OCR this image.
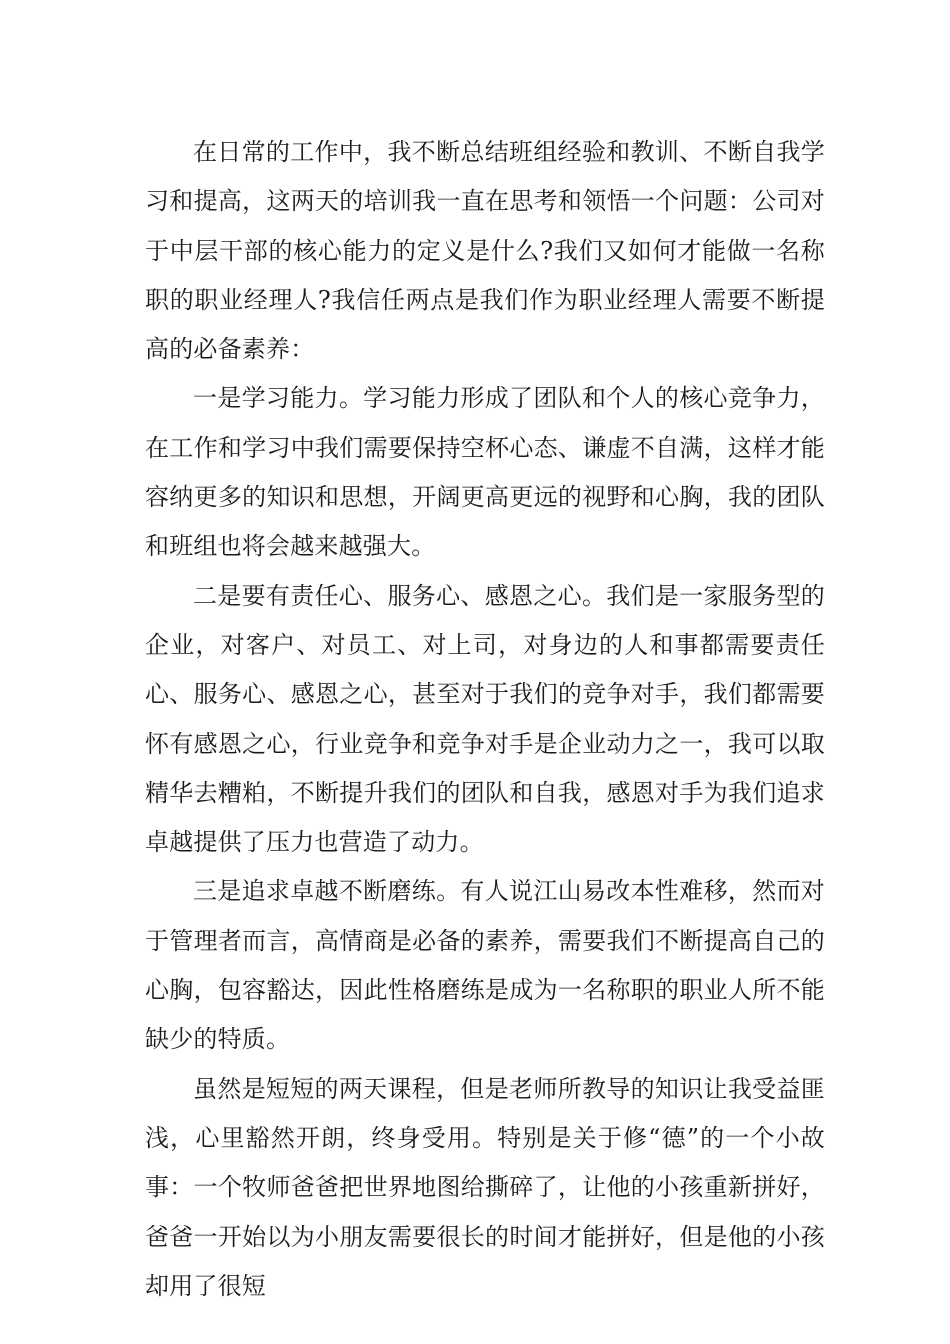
在日常的工作中，我不断总结班组经验和教训、不断自我学习和提高，这两天的培训我一直在思考和领悟一个问题：公司对于中层干部的核心能力的定义是什么?我们又如何才能做一名称职的职业经理人?我信任两点是我们作为职业经理人需要不断提高的必备素养：

一是学习能力。学习能力形成了团队和个人的核心竞争力，在工作和学习中我们需要保持空杯心态、谦虚不自满，这样才能容纳更多的知识和思想，开阔更高更远的视野和心胸，我的团队和班组也将会越来越强大。

二是要有责任心、服务心、感恩之心。我们是一家服务型的企业，对客户、对员工、对上司，对身边的人和事都需要责任心、服务心、感恩之心，甚至对于我们的竞争对手，我们都需要怀有感恩之心，行业竞争和竞争对手是企业动力之一，我可以取精华去糟粕，不断提升我们的团队和自我，感恩对手为我们追求卓越提供了压力也营造了动力。

三是追求卓越不断磨练。有人说江山易改本性难移，然而对于管理者而言，高情商是必备的素养，需要我们不断提高自己的心胸，包容豁达，因此性格磨练是成为一名称职的职业人所不能缺少的特质。

虽然是短短的两天课程，但是老师所教导的知识让我受益匪浅，心里豁然开朗，终身受用。特别是关于修“德”的一个小故事：一个牧师爸爸把世界地图给撕碎了，让他的小孩重新拼好，爸爸一开始以为小朋友需要很长的时间才能拼好，但是他的小孩却用了很短
